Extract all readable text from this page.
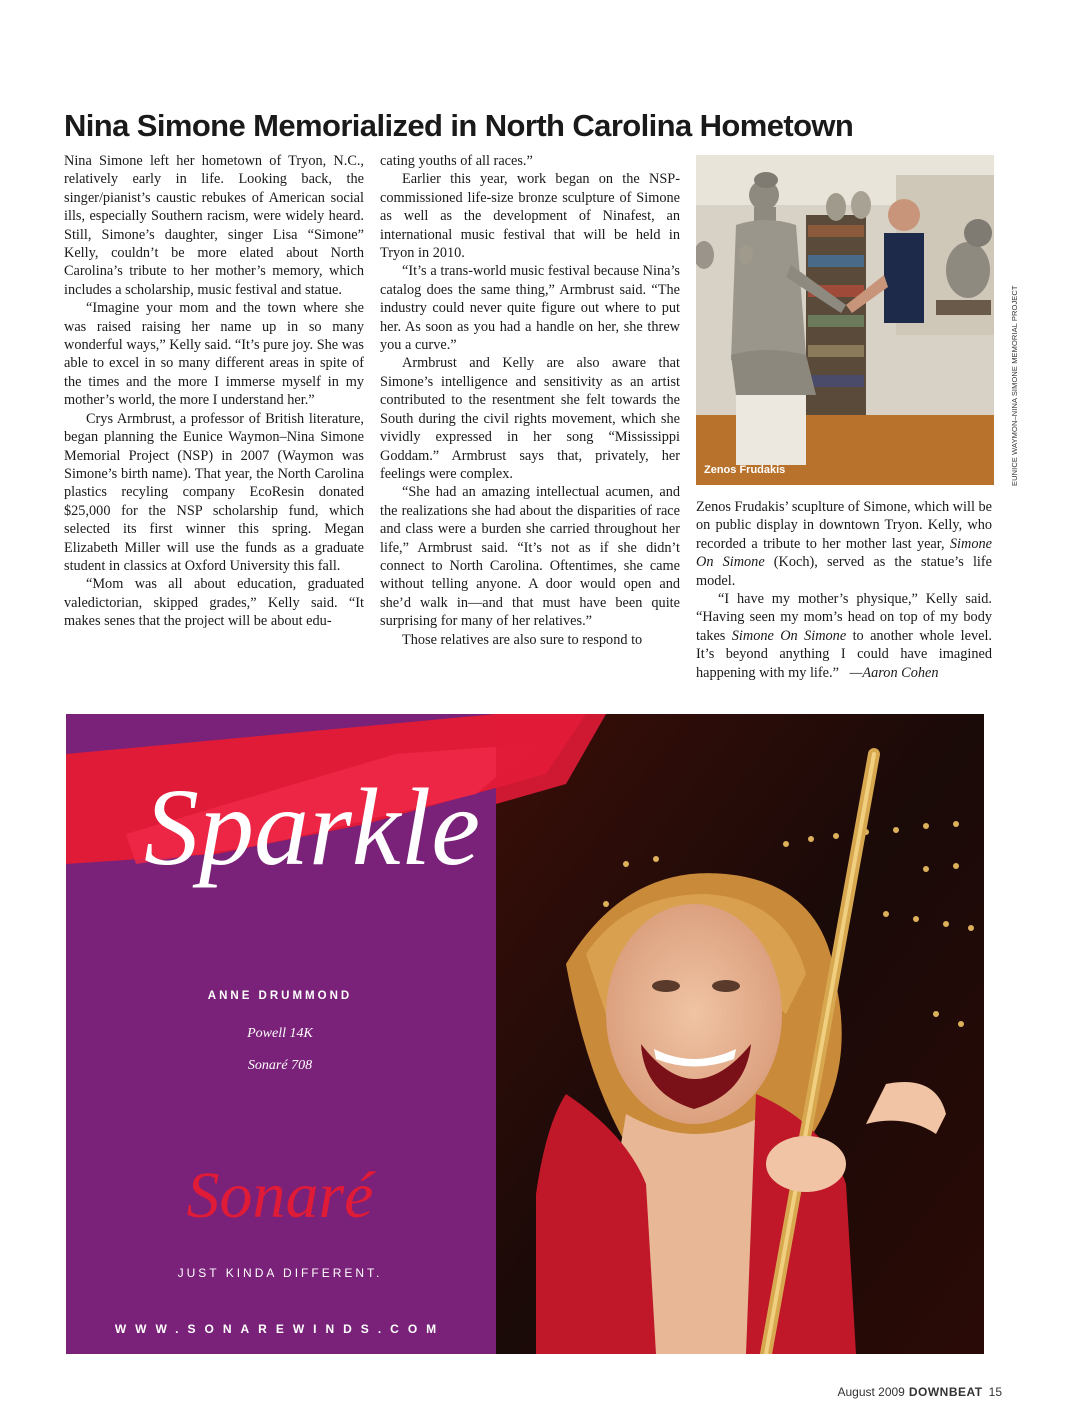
Nina Simone Memorialized in North Carolina Hometown

Nina Simone left her hometown of Tryon, N.C., relatively early in life. Looking back, the singer/pianist’s caustic rebukes of American social ills, especially Southern racism, were widely heard. Still, Simone’s daughter, singer Lisa “Simone” Kelly, couldn’t be more elated about North Carolina’s tribute to her mother’s memory, which includes a scholarship, music festival and statue.

“Imagine your mom and the town where she was raised raising her name up in so many wonderful ways,” Kelly said. “It’s pure joy. She was able to excel in so many different areas in spite of the times and the more I immerse myself in my mother’s world, the more I understand her.”

Crys Armbrust, a professor of British literature, began planning the Eunice Waymon–Nina Simone Memorial Project (NSP) in 2007 (Waymon was Simone’s birth name). That year, the North Carolina plastics recyling company EcoResin donated $25,000 for the NSP scholarship fund, which selected its first winner this spring. Megan Elizabeth Miller will use the funds as a graduate student in classics at Oxford University this fall.

“Mom was all about education, graduated valedictorian, skipped grades,” Kelly said. “It makes senes that the project will be about edu-

cating youths of all races.”

Earlier this year, work began on the NSP-commissioned life-size bronze sculpture of Simone as well as the development of Ninafest, an international music festival that will be held in Tryon in 2010.

“It’s a trans-world music festival because Nina’s catalog does the same thing,” Armbrust said. “The industry could never quite figure out where to put her. As soon as you had a handle on her, she threw you a curve.”

Armbrust and Kelly are also aware that Simone’s intelligence and sensitivity as an artist contributed to the resentment she felt towards the South during the civil rights movement, which she vividly expressed in her song “Mississippi Goddam.” Armbrust says that, privately, her feelings were complex.

“She had an amazing intellectual acumen, and the realizations she had about the disparities of race and class were a burden she carried throughout her life,” Armbrust said. “It’s not as if she didn’t connect to North Carolina. Oftentimes, she came without telling anyone. A door would open and she’d walk in—and that must have been quite surprising for many of her relatives.”

Those relatives are also sure to respond to

Zenos Frudakis	EUNICE WAYMON–NINA SIMONE MEMORIAL PROJECT

Zenos Frudakis’ scuplture of Simone, which will be on public display in downtown Tryon. Kelly, who recorded a tribute to her mother last year, Simone On Simone (Koch), served as the statue’s life model.

“I have my mother’s physique,” Kelly said. “Having seen my mom’s head on top of my body takes Simone On Simone to another whole level. It’s beyond anything I could have imagined happening with my life.” —Aaron Cohen

Sparkle
ANNE DRUMMOND
Powell 14K
Sonaré 708
Sonaré
JUST KINDA DIFFERENT.
WWW.SONAREWINDS.COM
August 2009 DOWNBEAT 15
